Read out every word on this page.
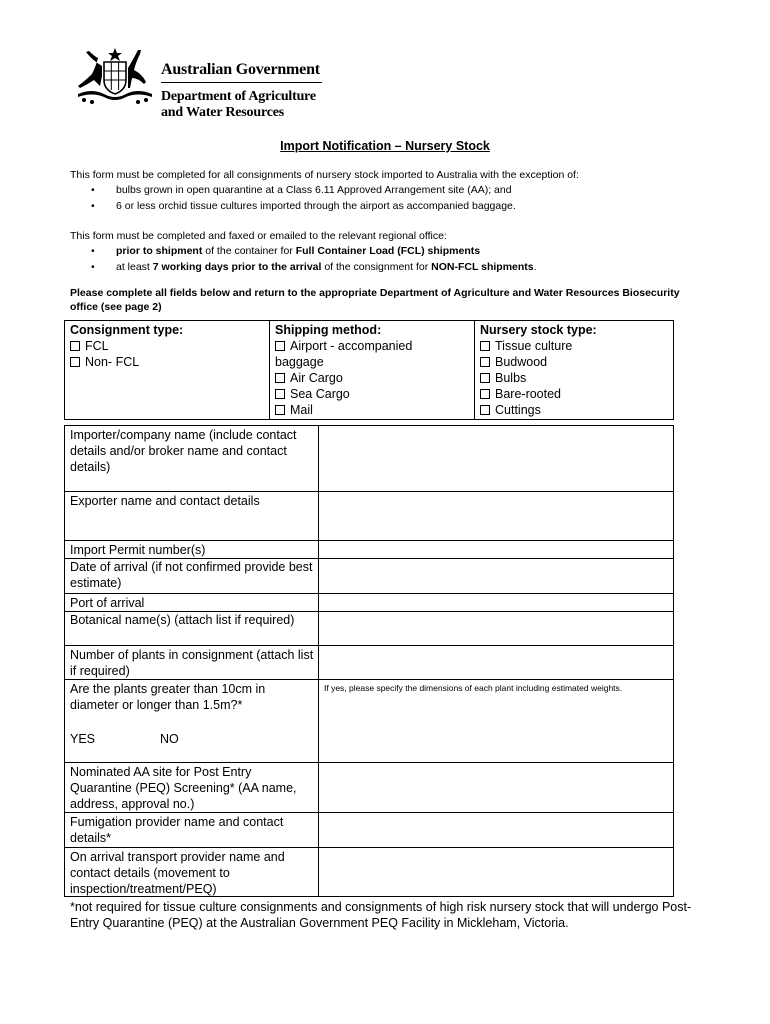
Australian Government
Department of Agriculture
and Water Resources
Import Notification – Nursery Stock
This form must be completed for all consignments of nursery stock imported to Australia with the exception of:
• bulbs grown in open quarantine at a Class 6.11 Approved Arrangement site (AA); and
• 6 or less orchid tissue cultures imported through the airport as accompanied baggage.
This form must be completed and faxed or emailed to the relevant regional office:
• prior to shipment of the container for Full Container Load (FCL) shipments
• at least 7 working days prior to the arrival of the consignment for NON-FCL shipments.
Please complete all fields below and return to the appropriate Department of Agriculture and Water Resources Biosecurity office (see page 2)
Consignment type:
FCL
Non- FCL
Shipping method:
Airport - accompanied
baggage
Air Cargo
Sea Cargo
Mail
Nursery stock type:
Tissue culture
Budwood
Bulbs
Bare-rooted
Cuttings
Importer/company name (include contact details and/or broker name and contact details)
Exporter name and contact details
Import Permit number(s)
Date of arrival (if not confirmed provide best estimate)
Port of arrival
Botanical name(s) (attach list if required)
Number of plants in consignment (attach list if required)
Are the plants greater than 10cm in diameter or longer than 1.5m?*
If yes, please specify the dimensions of each plant including estimated weights.
YES	NO
Nominated AA site for Post Entry Quarantine (PEQ) Screening* (AA name, address, approval no.)
Fumigation provider name and contact details*
On arrival transport provider name and contact details (movement to inspection/treatment/PEQ)
*not required for tissue culture consignments and consignments of high risk nursery stock that will undergo Post-Entry Quarantine (PEQ) at the Australian Government PEQ Facility in Mickleham, Victoria.
